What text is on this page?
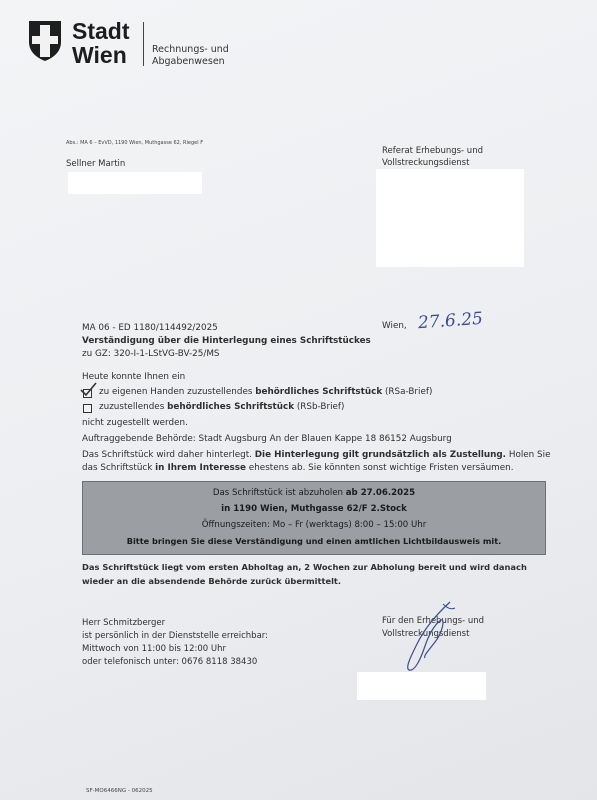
Stadt
Wien	Rechnungs- und
Abgabenwesen
Abs.: MA 6 – EvVD, 1190 Wien, Muthgasse 62, Riegel F
Sellner Martin
Referat Erhebungs- und
Vollstreckungsdienst
MA 06 - ED 1180/114492/2025
Verständigung über die Hinterlegung eines Schriftstückes
zu GZ: 320-I-1-LStVG-BV-25/MS
Wien, 27.6.25
Heute konnte Ihnen ein
zu eigenen Handen zuzustellendes behördliches Schriftstück (RSa-Brief)
zuzustellendes behördliches Schriftstück (RSb-Brief)
nicht zugestellt werden.
Auftraggebende Behörde: Stadt Augsburg An der Blauen Kappe 18 86152 Augsburg
Das Schriftstück wird daher hinterlegt. Die Hinterlegung gilt grundsätzlich als Zustellung. Holen Sie
das Schriftstück in Ihrem Interesse ehestens ab. Sie könnten sonst wichtige Fristen versäumen.
Das Schriftstück ist abzuholen ab 27.06.2025
in 1190 Wien, Muthgasse 62/F 2.Stock
Öffnungszeiten: Mo – Fr (werktags) 8:00 – 15:00 Uhr
Bitte bringen Sie diese Verständigung und einen amtlichen Lichtbildausweis mit.
Das Schriftstück liegt vom ersten Abholtag an, 2 Wochen zur Abholung bereit und wird danach
wieder an die absendende Behörde zurück übermittelt.
Herr Schmitzberger
ist persönlich in der Dienststelle erreichbar:
Mittwoch von 11:00 bis 12:00 Uhr
oder telefonisch unter: 0676 8118 38430
Für den Erhebungs- und
Vollstreckungsdienst
SF-MO6466NG - 062025
